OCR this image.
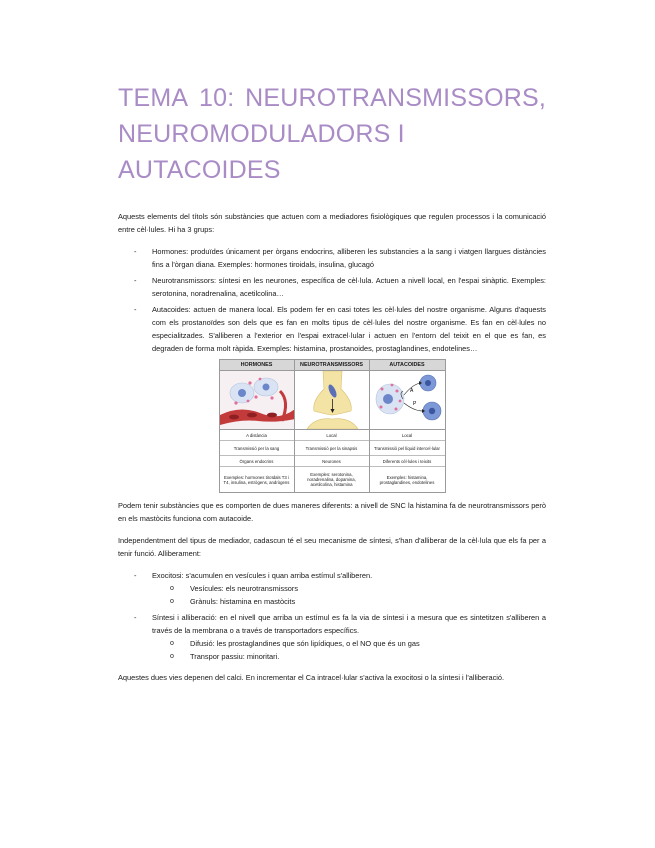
TEMA 10: NEUROTRANSMISSORS,
NEUROMODULADORS I AUTACOIDES

Aquests elements del títols són substàncies que actuen com a mediadores fisiològiques que regulen processos i la comunicació entre cèl·lules. Hi ha 3 grups:

- Hormones: produïdes únicament per òrgans endocrins, alliberen les substancies a la sang i viatgen llargues distàncies fins a l'òrgan diana. Exemples: hormones tiroidals, insulina, glucagó
- Neurotransmissors: síntesi en les neurones, específica de cèl·lula. Actuen a nivell local, en l'espai sinàptic. Exemples: serotonina, noradrenalina, acetilcolina…
- Autacoides: actuen de manera local. Els podem fer en casi totes les cèl·lules del nostre organisme. Alguns d'aquests com els prostanoïdes son dels que es fan en molts tipus de cèl·lules del nostre organisme. Es fan en cèl·lules no especialitzades. S'alliberen a l'exterior en l'espai extracel·lular i actuen en l'entorn del teixit en el que es fan, es degraden de forma molt ràpida. Exemples: histamina, prostanoides, prostaglandines, endotelines…
HORMONES
A distància
Transmissió per la sang
Òrgans endocrins
Exemples: hormones tiroïdals T3 i T4, insulina, estrògens, andrògens
NEUROTRANSMISSORS
Local
Transmissió per la sinapsis
Neurones
Exemples: serotonina, noradrenalina, dopamina, acetilcolina, histamina
AUTACOIDES
A
P
Local
Transmissió pel líquid intercel·lular
Diferents cèl·lules i teixits
Exemples: histamina, prostaglandines, endotelines

Podem tenir substàncies que es comporten de dues maneres diferents: a nivell de SNC la histamina fa de neurotransmissors però en els mastòcits funciona com autacoide.

Independentment del tipus de mediador, cadascun té el seu mecanisme de síntesi, s'han d'alliberar de la cèl·lula que els fa per a tenir funció. Alliberament:

- Exocitosi: s'acumulen en vesícules i quan arriba estímul s'alliberen.
o Vesícules: els neurotransmissors
o Grànuls: histamina en mastòcits
- Síntesi i alliberació: en el nivell que arriba un estímul es fa la via de síntesi i a mesura que es sintetitzen s'alliberen a través de la membrana o a través de transportadors específics.
o Difusió: les prostaglandines que són lipídiques, o el NO que és un gas
o Transpor passiu: minoritari.

Aquestes dues vies depenen del calci. En incrementar el Ca intracel·lular s'activa la exocitosi o la síntesi i l'alliberació.
